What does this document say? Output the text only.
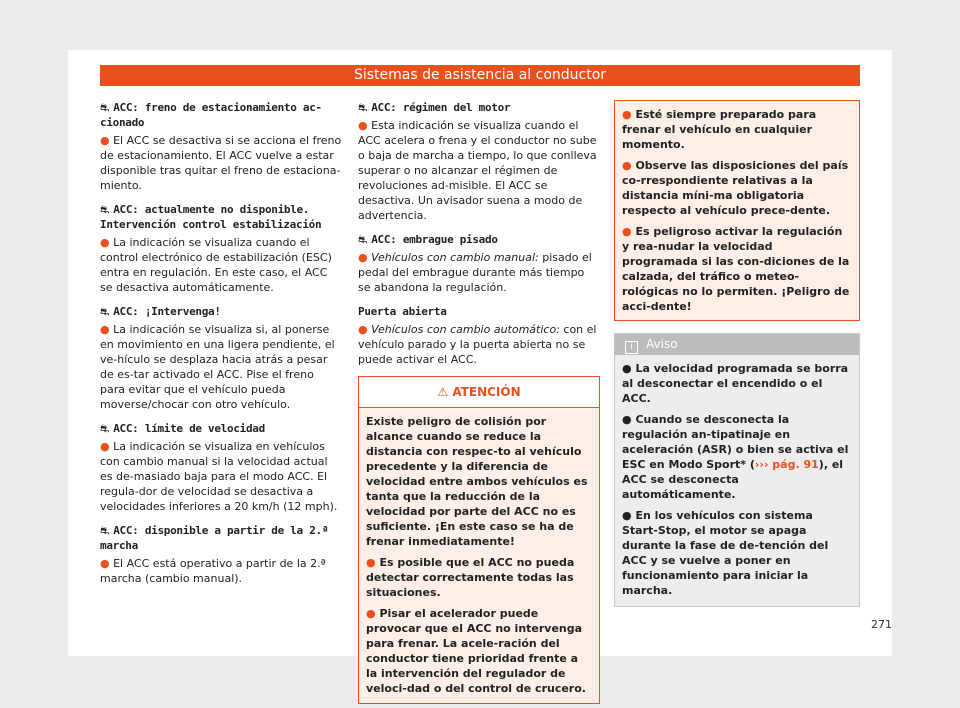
Sistemas de asistencia al conductor
⛐ ACC: freno de estacionamiento ac-cionado

● El ACC se desactiva si se acciona el freno de estacionamiento. El ACC vuelve a estar disponible tras quitar el freno de estaciona-miento.

⛐ ACC: actualmente no disponible. Intervención control estabilización

● La indicación se visualiza cuando el control electrónico de estabilización (ESC) entra en regulación. En este caso, el ACC se desactiva automáticamente.

⛐ ACC: ¡Intervenga!

● La indicación se visualiza si, al ponerse en movimiento en una ligera pendiente, el ve-hículo se desplaza hacia atrás a pesar de es-tar activado el ACC. Pise el freno para evitar que el vehículo pueda moverse/chocar con otro vehículo.

⛐ ACC: límite de velocidad

● La indicación se visualiza en vehículos con cambio manual si la velocidad actual es de-masiado baja para el modo ACC. El regula-dor de velocidad se desactiva a velocidades inferiores a 20 km/h (12 mph).

⛐ ACC: disponible a partir de la 2.ª marcha

● El ACC está operativo a partir de la 2.ª marcha (cambio manual).

⛐ ACC: régimen del motor

● Esta indicación se visualiza cuando el ACC acelera o frena y el conductor no sube o baja de marcha a tiempo, lo que conlleva superar o no alcanzar el régimen de revoluciones ad-misible. El ACC se desactiva. Un avisador suena a modo de advertencia.

⛐ ACC: embrague pisado

● Vehículos con cambio manual: pisado el pedal del embrague durante más tiempo se abandona la regulación.

Puerta abierta

● Vehículos con cambio automático: con el vehículo parado y la puerta abierta no se puede activar el ACC.

⚠ ATENCIÓN

Existe peligro de colisión por alcance cuando se reduce la distancia con respec-to al vehículo precedente y la diferencia de velocidad entre ambos vehículos es tanta que la reducción de la velocidad por parte del ACC no es suficiente. ¡En este caso se ha de frenar inmediatamente!

● Es posible que el ACC no pueda detectar correctamente todas las situaciones.

● Pisar el acelerador puede provocar que el ACC no intervenga para frenar. La acele-ración del conductor tiene prioridad frente a la intervención del regulador de veloci-dad o del control de crucero.

● Esté siempre preparado para frenar el vehículo en cualquier momento.

● Observe las disposiciones del país co-rrespondiente relativas a la distancia míni-ma obligatoria respecto al vehículo prece-dente.

● Es peligroso activar la regulación y rea-nudar la velocidad programada si las con-diciones de la calzada, del tráfico o meteo-rológicas no lo permiten. ¡Peligro de acci-dente!

i Aviso

● La velocidad programada se borra al desconectar el encendido o el ACC.

● Cuando se desconecta la regulación an-tipatinaje en aceleración (ASR) o bien se activa el ESC en Modo Sport* (››› pág. 91), el ACC se desconecta automáticamente.

● En los vehículos con sistema Start-Stop, el motor se apaga durante la fase de de-tención del ACC y se vuelve a poner en funcionamiento para iniciar la marcha.

271
